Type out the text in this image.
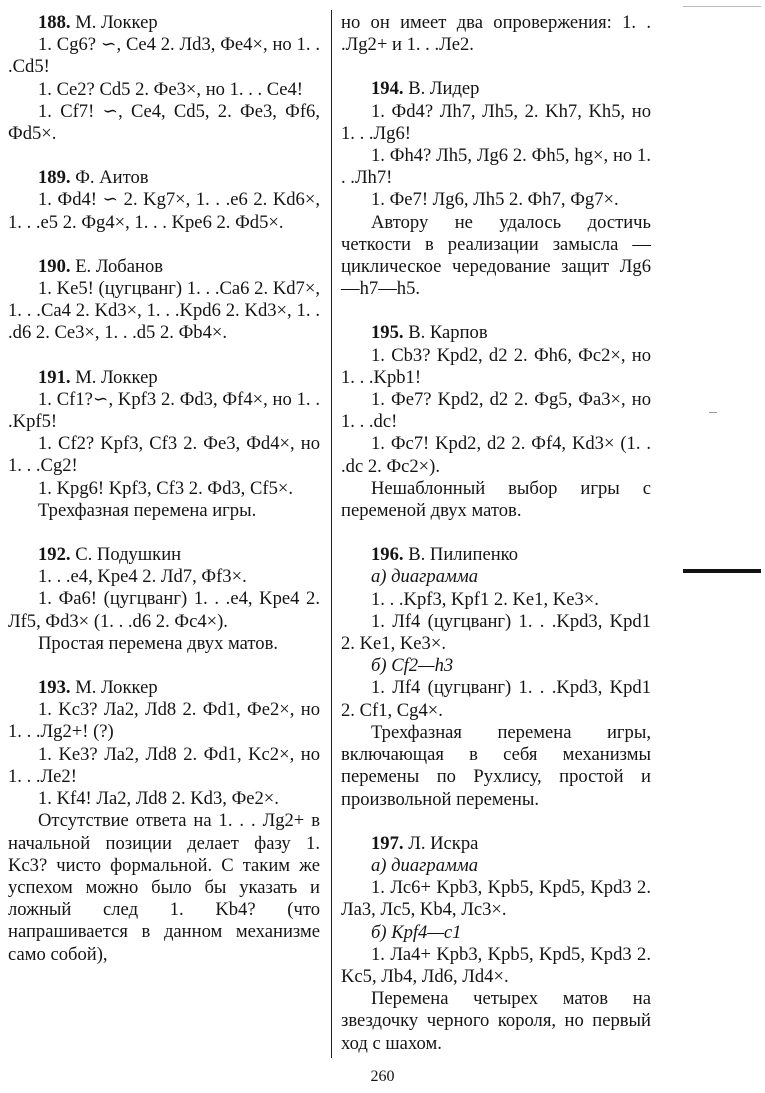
188. М. Локкер

1. Cg6? ∽, Ce4 2. Лd3, Фe4×, но 1. . .Cd5!

1. Ce2? Cd5 2. Фe3×, но 1. . . Ce4!

1. Cf7! ∽, Ce4, Cd5, 2. Фe3, Фf6, Фd5×.

189. Ф. Аитов

1. Фd4! ∽ 2. Kg7×, 1. . .e6 2. Kd6×, 1. . .e5 2. Фg4×, 1. . . Kpe6 2. Фd5×.

190. Е. Лобанов

1. Ke5! (цугцванг) 1. . .Ca6 2. Kd7×, 1. . .Ca4 2. Kd3×, 1. . .Kpd6 2. Kd3×, 1. . .d6 2. Ce3×, 1. . .d5 2. Фb4×.

191. М. Локкер

1. Cf1?∽, Kpf3 2. Фd3, Фf4×, но 1. . .Kpf5!

1. Cf2? Kpf3, Cf3 2. Фe3, Фd4×, но 1. . .Cg2!

1. Kpg6! Kpf3, Cf3 2. Фd3, Cf5×.

Трехфазная перемена игры.

192. С. Подушкин

1. . .e4, Kpe4 2. Лd7, Фf3×.

1. Фa6! (цугцванг) 1. . .e4, Kpe4 2. Лf5, Фd3× (1. . .d6 2. Фc4×).

Простая перемена двух матов.

193. М. Локкер

1. Kc3? Лa2, Лd8 2. Фd1, Фe2×, но 1. . .Лg2+! (?)

1. Ke3? Лa2, Лd8 2. Фd1, Kc2×, но 1. . .Лe2!

1. Kf4! Лa2, Лd8 2. Kd3, Фe2×.

Отсутствие ответа на 1. . . Лg2+ в начальной позиции делает фазу 1. Kc3? чисто формальной. С таким же успехом можно было бы указать и ложный след 1. Kb4? (что напрашивается в данном механизме само собой),

но он имеет два опровержения: 1. . .Лg2+ и 1. . .Лe2.

194. В. Лидер

1. Фd4? Лh7, Лh5, 2. Kh7, Kh5, но 1. . .Лg6!

1. Фh4? Лh5, Лg6 2. Фh5, hg×, но 1. . .Лh7!

1. Фe7! Лg6, Лh5 2. Фh7, Фg7×.

Автору не удалось достичь четкости в реализации замысла — циклическое чередование защит Лg6—h7—h5.

195. В. Карпов

1. Cb3? Kpd2, d2 2. Фh6, Фc2×, но 1. . .Kpb1!

1. Фe7? Kpd2, d2 2. Фg5, Фa3×, но 1. . .dc!

1. Фc7! Kpd2, d2 2. Фf4, Kd3× (1. . .dc 2. Фc2×).

Нешаблонный выбор игры с переменой двух матов.

196. В. Пилипенко

а) диаграмма

1. . .Kpf3, Kpf1 2. Ke1, Ke3×.

1. Лf4 (цугцванг) 1. . .Kpd3, Kpd1 2. Ke1, Ke3×.

б) Cf2—h3

1. Лf4 (цугцванг) 1. . .Kpd3, Kpd1 2. Cf1, Cg4×.

Трехфазная перемена игры, включающая в себя механизмы перемены по Рухлису, простой и произвольной перемены.

197. Л. Искра

а) диаграмма

1. Лc6+ Kpb3, Kpb5, Kpd5, Kpd3 2. Лa3, Лc5, Kb4, Лc3×.

б) Kpf4—c1

1. Лa4+ Kpb3, Kpb5, Kpd5, Kpd3 2. Kc5, Лb4, Лd6, Лd4×.

Перемена четырех матов на звездочку черного короля, но первый ход с шахом.

260
